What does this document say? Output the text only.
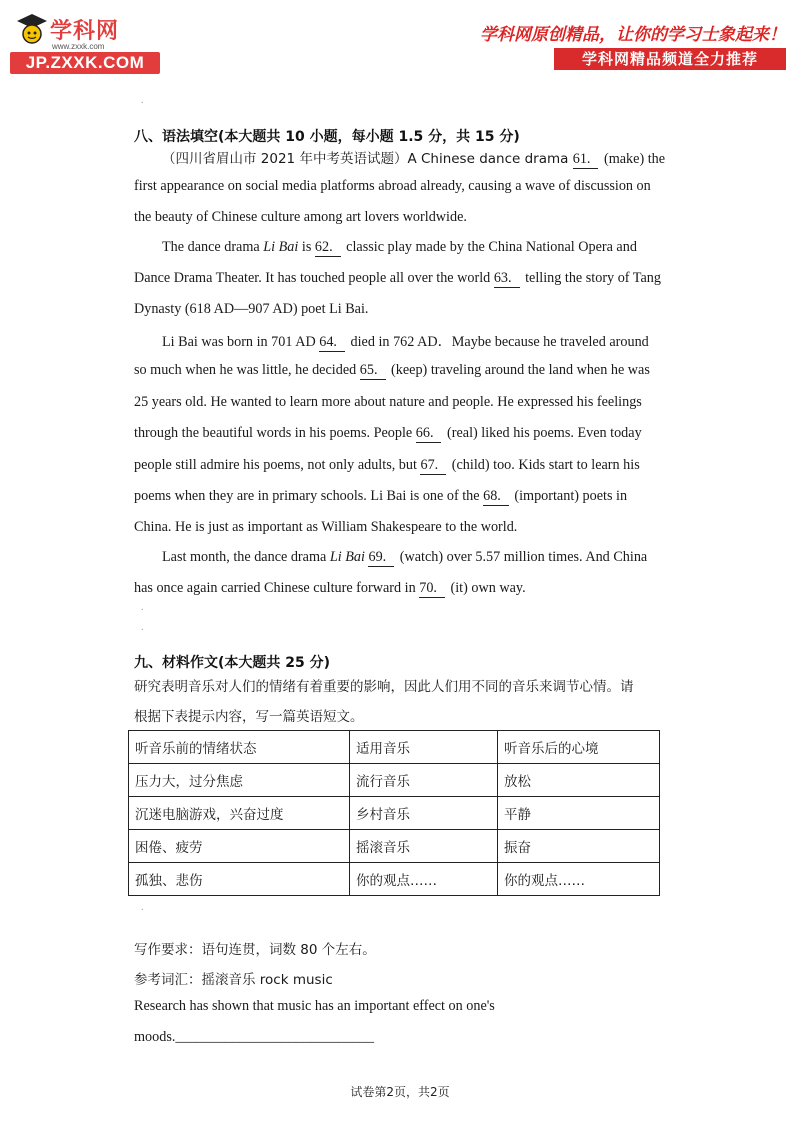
学科网
www.zxxk.com
JP.ZXXK.COM
学科网原创精品，让你的学习士象起来！
学科网精品频道全力推荐
.
八、语法填空(本大题共 10 小题，每小题 1.5 分，共 15 分)
（四川省眉山市 2021 年中考英语试题）A Chinese dance drama 61. (make) the
first appearance on social media platforms abroad already, causing a wave of discussion on
the beauty of Chinese culture among art lovers worldwide.
The dance drama Li Bai is 62. classic play made by the China National Opera and
Dance Drama Theater. It has touched people all over the world 63. telling the story of Tang
Dynasty (618 AD—907 AD) poet Li Bai.
Li Bai was born in 701 AD 64. died in 762 AD．Maybe because he traveled around
so much when he was little, he decided 65. (keep) traveling around the land when he was
25 years old. He wanted to learn more about nature and people. He expressed his feelings
through the beautiful words in his poems. People 66. (real) liked his poems. Even today
people still admire his poems, not only adults, but 67. (child) too. Kids start to learn his
poems when they are in primary schools. Li Bai is one of the 68. (important) poets in
China. He is just as important as William Shakespeare to the world.
Last month, the dance drama Li Bai 69. (watch) over 5.57 million times. And China
has once again carried Chinese culture forward in 70. (it) own way.
.
.
九、材料作文(本大题共 25 分)
研究表明音乐对人们的情绪有着重要的影响，因此人们用不同的音乐来调节心情。请
根据下表提示内容，写一篇英语短文。
听音乐前的情绪状态	适用音乐	听音乐后的心境
压力大，过分焦虑	流行音乐	放松
沉迷电脑游戏，兴奋过度	乡村音乐	平静
困倦、疲劳	摇滚音乐	振奋
孤独、悲伤	你的观点……	你的观点……
.
写作要求：语句连贯，词数 80 个左右。
参考词汇：摇滚音乐 rock music
Research has shown that music has an important effect on one's
moods.____________________________
试卷第2页，共2页
